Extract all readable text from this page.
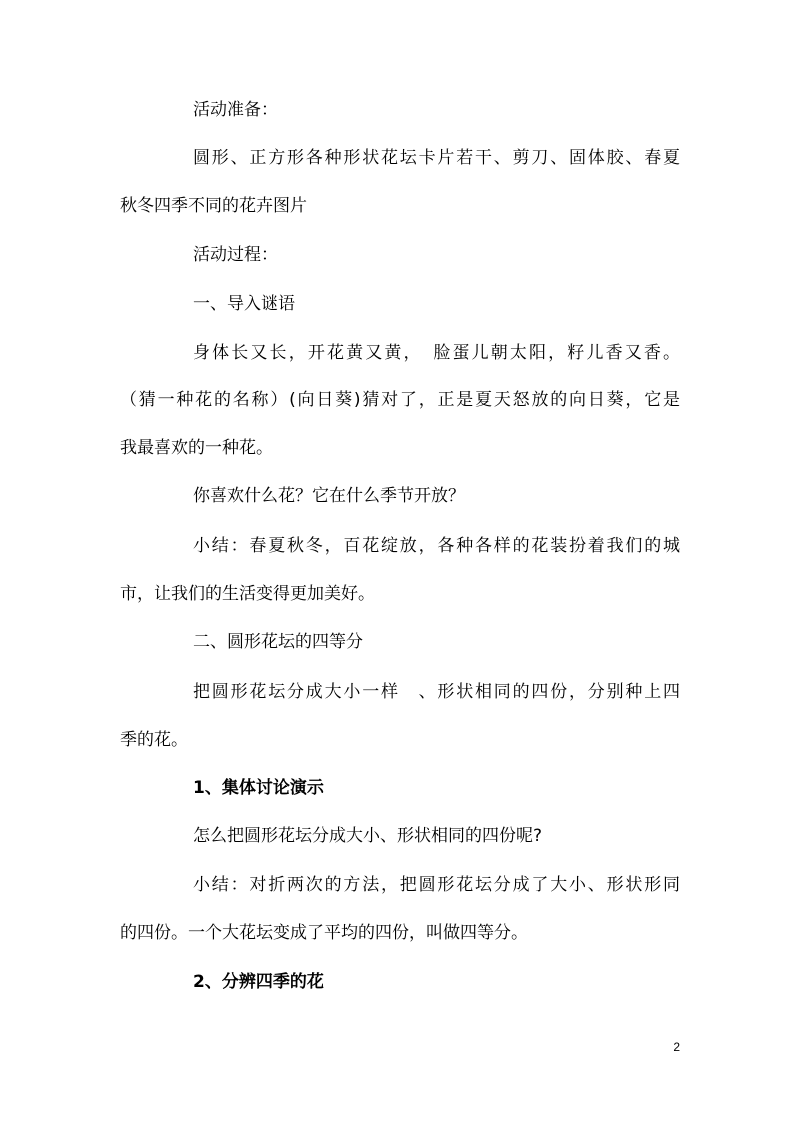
活动准备：
圆形、正方形各种形状花坛卡片若干、剪刀、固体胶、春夏
秋冬四季不同的花卉图片
活动过程：
一、导入谜语
身体长又长，开花黄又黄，　脸蛋儿朝太阳，籽儿香又香。
（猜一种花的名称）(向日葵)猜对了，正是夏天怒放的向日葵，它是
我最喜欢的一种花。
你喜欢什么花？它在什么季节开放？
小结：春夏秋冬，百花绽放，各种各样的花装扮着我们的城
市，让我们的生活变得更加美好。
二、圆形花坛的四等分
把圆形花坛分成大小一样　、形状相同的四份，分别种上四
季的花。
1、集体讨论演示
怎么把圆形花坛分成大小、形状相同的四份呢?
小结：对折两次的方法，把圆形花坛分成了大小、形状形同
的四份。一个大花坛变成了平均的四份，叫做四等分。
2、分辨四季的花
2
